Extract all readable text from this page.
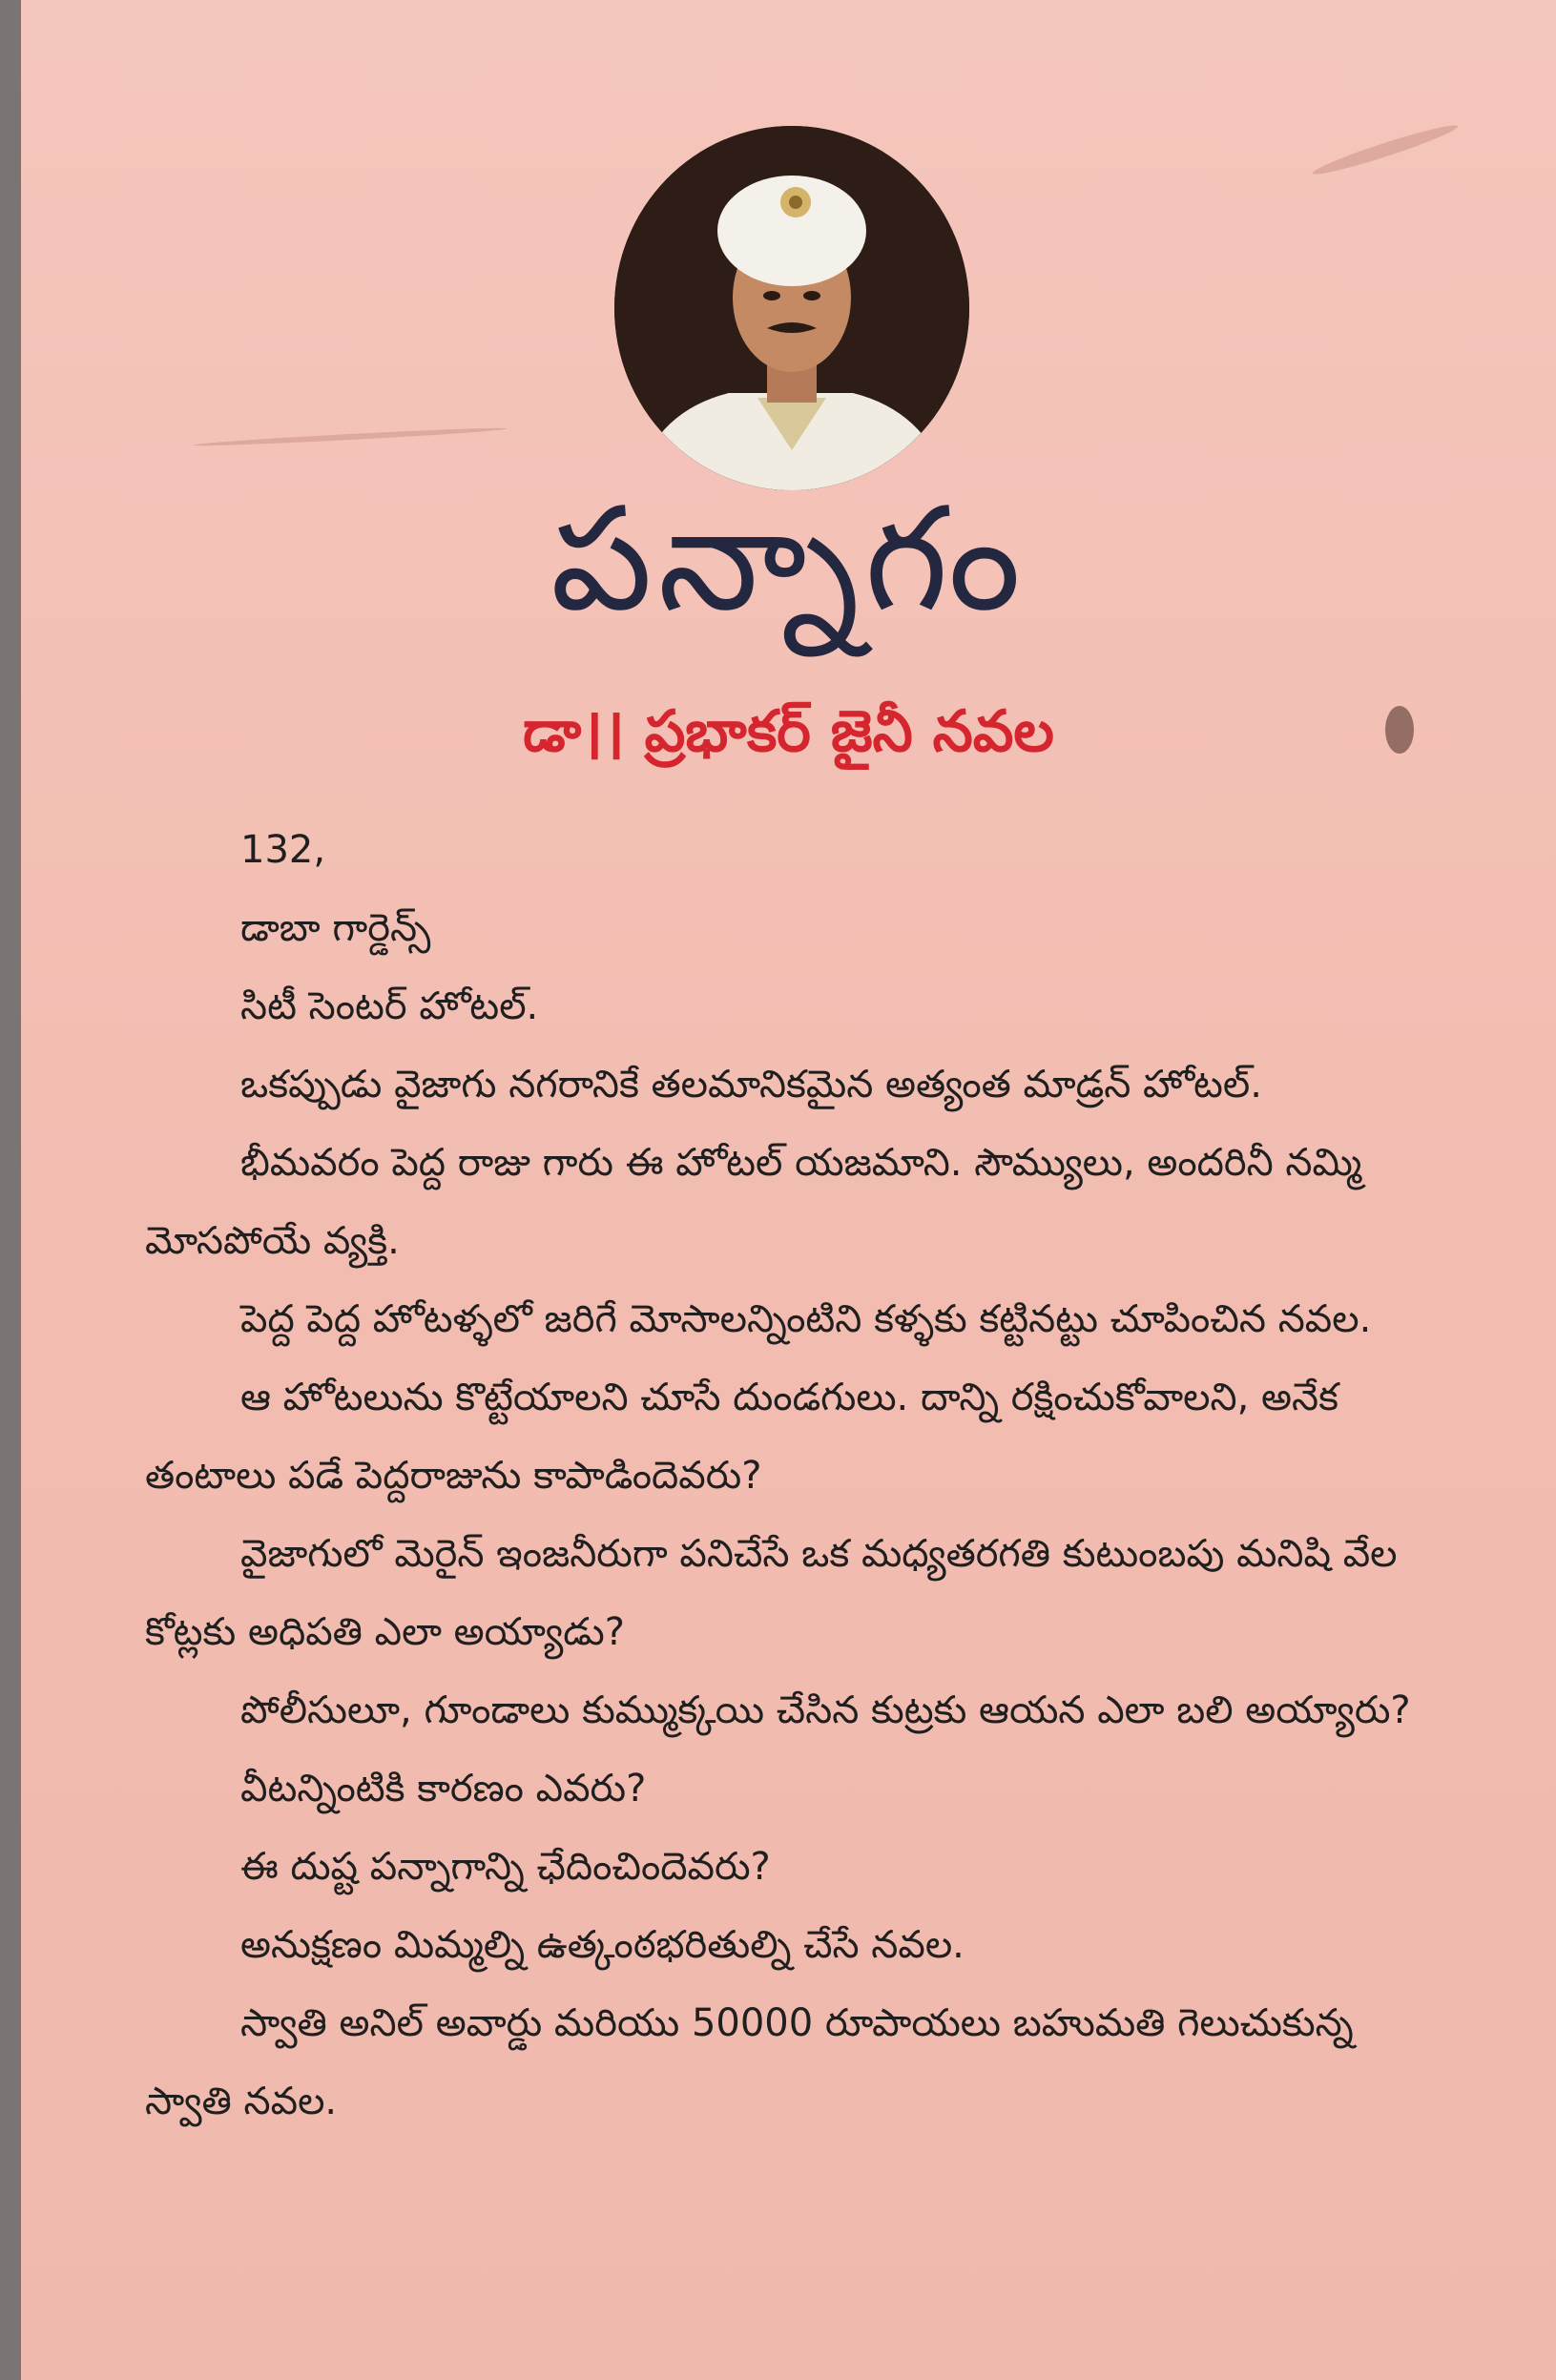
పన్నాగం
డా।। ప్రభాకర్ జైనీ నవల

132,

డాబా గార్డెన్స్

సిటీ సెంటర్ హోటల్.

ఒకప్పుడు వైజాగు నగరానికే తలమానికమైన అత్యంత మాడ్రన్ హోటల్.

భీమవరం పెద్ద రాజు గారు ఈ హోటల్ యజమాని. సౌమ్యులు, అందరినీ నమ్మి మోసపోయే వ్యక్తి.

పెద్ద పెద్ద హోటళ్ళలో జరిగే మోసాలన్నింటిని కళ్ళకు కట్టినట్టు చూపించిన నవల.

ఆ హోటలును కొట్టేయాలని చూసే దుండగులు. దాన్ని రక్షించుకోవాలని, అనేక తంటాలు పడే పెద్దరాజును కాపాడిందెవరు?

వైజాగులో మెరైన్ ఇంజనీరుగా పనిచేసే ఒక మధ్యతరగతి కుటుంబపు మనిషి వేల కోట్లకు అధిపతి ఎలా అయ్యాడు?

పోలీసులూ, గూండాలు కుమ్ముక్కయి చేసిన కుట్రకు ఆయన ఎలా బలి అయ్యారు?

వీటన్నింటికి కారణం ఎవరు?

ఈ దుష్ట పన్నాగాన్ని ఛేదించిందెవరు?

అనుక్షణం మిమ్మల్ని ఉత్కంఠభరితుల్ని చేసే నవల.

స్వాతి అనిల్ అవార్డు మరియు 50000 రూపాయలు బహుమతి గెలుచుకున్న స్వాతి నవల.
